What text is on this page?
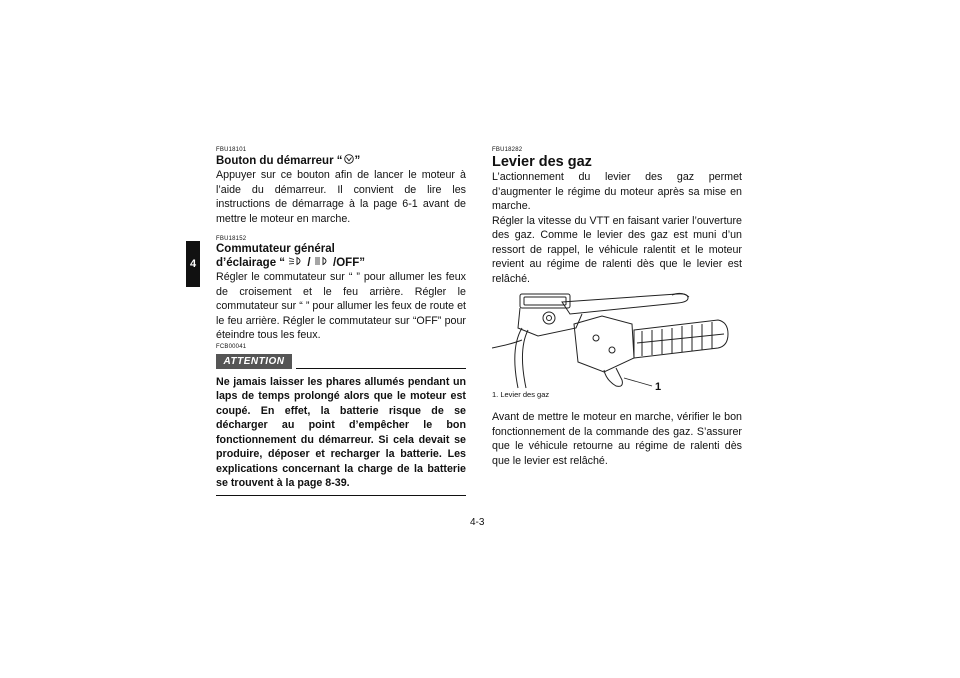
4
FBU18101
Bouton du démarreur “ ”

Appuyer sur ce bouton afin de lancer le moteur à l’aide du démarreur. Il convient de lire les instructions de démarrage à la page 6-1 avant de mettre le moteur en marche.

FBU18152
Commutateur général
d’éclairage “  /  /OFF”

Régler le commutateur sur “ ” pour allumer les feux de croisement et le feu arrière. Régler le commutateur sur “ ” pour allumer les feux de route et le feu arrière. Régler le commutateur sur “OFF” pour éteindre tous les feux.

FCB00041
ATTENTION

Ne jamais laisser les phares allumés pendant un laps de temps prolongé alors que le moteur est coupé. En effet, la batterie risque de se décharger au point d’empêcher le bon fonctionnement du démarreur. Si cela devait se produire, déposer et recharger la batterie. Les explications concernant la charge de la batterie se trouvent à la page 8-39.

FBU18282
Levier des gaz

L’actionnement du levier des gaz permet d’augmenter le régime du moteur après sa mise en marche.

Régler la vitesse du VTT en faisant varier l’ouverture des gaz. Comme le levier des gaz est muni d’un ressort de rappel, le véhicule ralentit et le moteur revient au régime de ralenti dès que le levier est relâché.

1
1. Levier des gaz

Avant de mettre le moteur en marche, vérifier le bon fonctionnement de la commande des gaz. S’assurer que le véhicule retourne au régime de ralenti dès que le levier est relâché.

4-3
